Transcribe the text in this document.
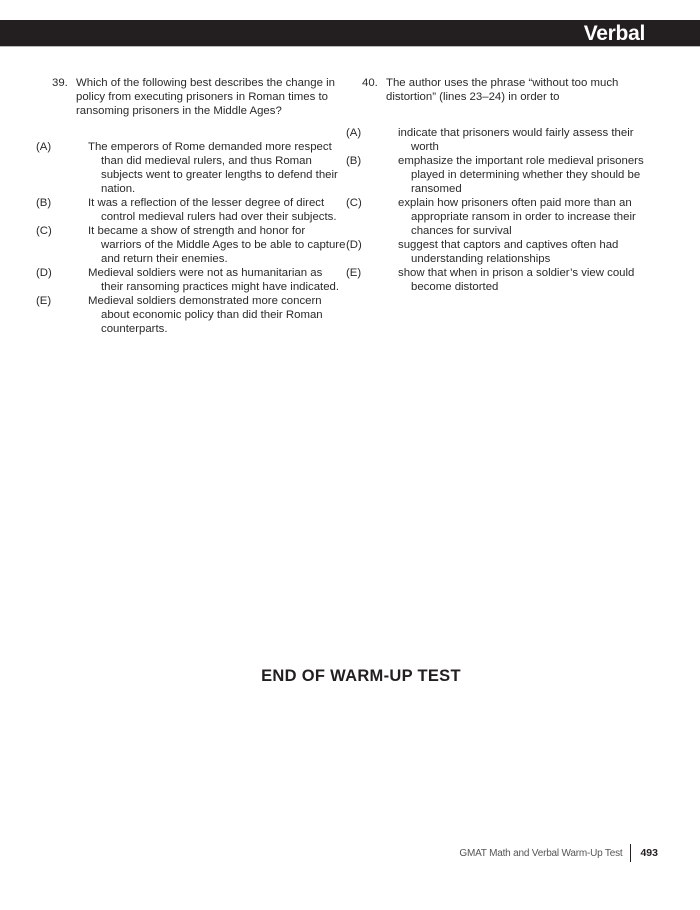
Verbal
39. Which of the following best describes the change in policy from executing prisoners in Roman times to ransoming prisoners in the Middle Ages?
(A)	The emperors of Rome demanded more respect than did medieval rulers, and thus Roman subjects went to greater lengths to defend their nation.
(B)	It was a reflection of the lesser degree of direct control medieval rulers had over their subjects.
(C)	It became a show of strength and honor for warriors of the Middle Ages to be able to capture and return their enemies.
(D)	Medieval soldiers were not as humanitarian as their ransoming practices might have indicated.
(E)	Medieval soldiers demonstrated more concern about economic policy than did their Roman counterparts.
40. The author uses the phrase “without too much distortion” (lines 23–24) in order to
(A)	indicate that prisoners would fairly assess their worth
(B)	emphasize the important role medieval prisoners played in determining whether they should be ransomed
(C)	explain how prisoners often paid more than an appropriate ransom in order to increase their chances for survival
(D)	suggest that captors and captives often had understanding relationships
(E)	show that when in prison a soldier’s view could become distorted
END OF WARM-UP TEST
GMAT Math and Verbal Warm-Up Test 493
